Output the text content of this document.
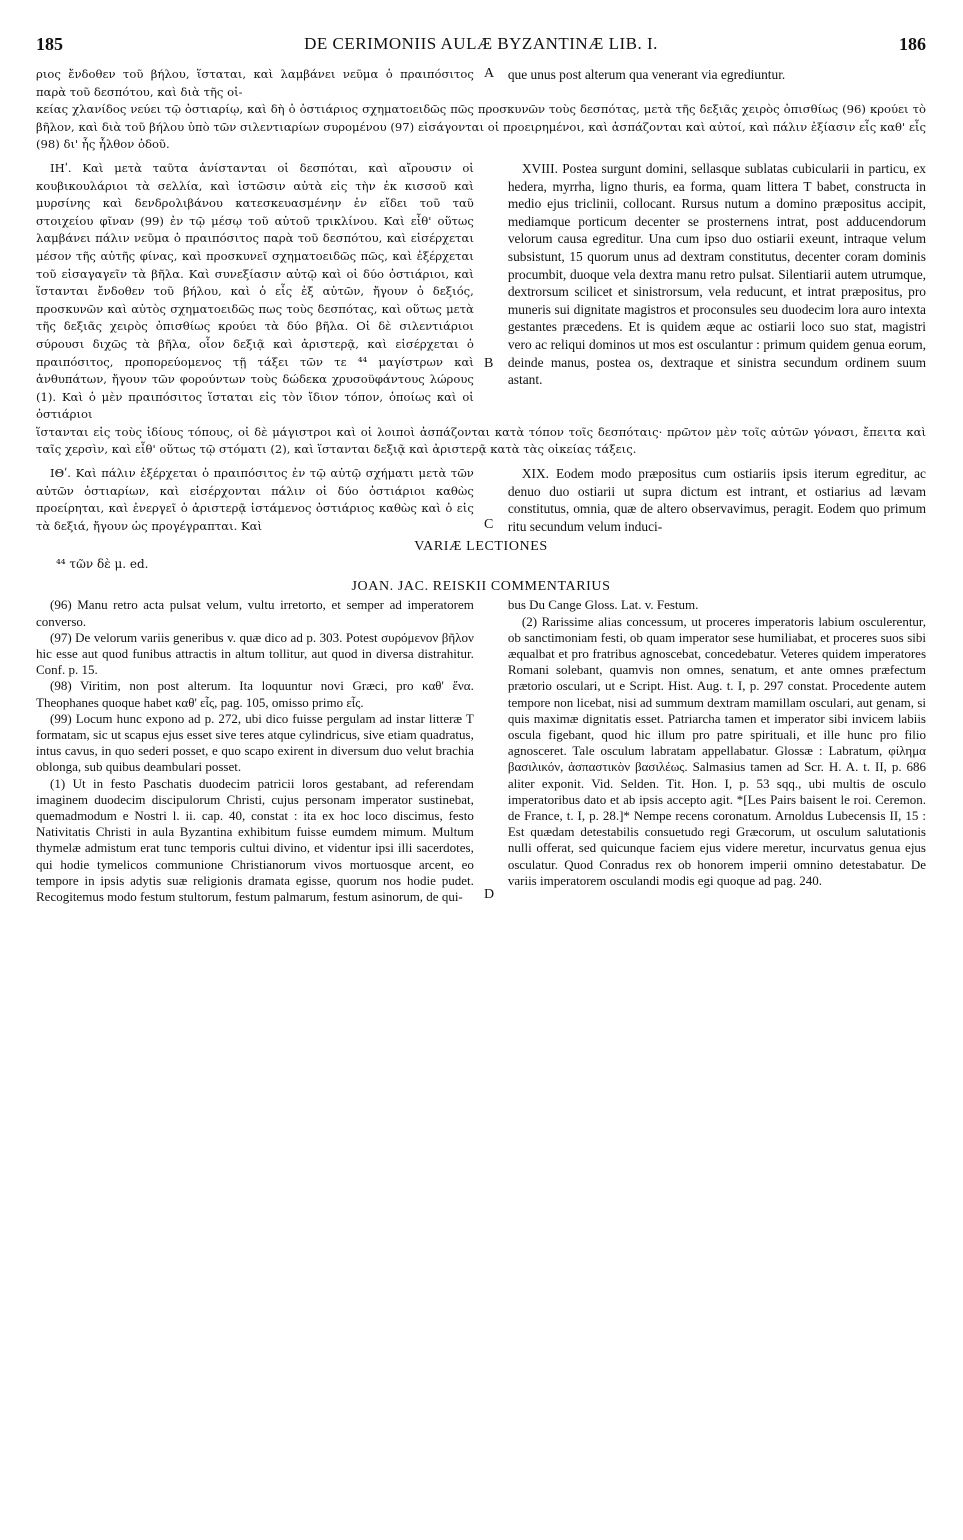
185	DE CERIMONIIS AULÆ BYZANTINÆ LIB. I.	186
ριος ἔνδοθεν τοῦ βήλου, ἵσταται, καὶ λαμβάνει νεῦμα ὁ πραιπόσιτος παρὰ τοῦ δεσπότου, καὶ διὰ τῆς οἰ-
A	que unus post alterum qua venerant via egrediuntur.
κείας χλανίδος νεύει τῷ ὀστιαρίῳ, καὶ δὴ ὁ ὀστιάριος σχηματοειδῶς πῶς προσκυνῶν τοὺς δεσπότας, μετὰ τῆς δεξιᾶς χειρὸς ὀπισθίως (96) κρούει τὸ βῆλον, καὶ διὰ τοῦ βήλου ὑπὸ τῶν σιλεντιαρίων συρομένου (97) εἰσάγονται οἱ προειρημένοι, καὶ ἀσπάζονται καὶ αὐτοί, καὶ πάλιν ἐξίασιν εἷς καθ' εἷς (98) δι' ἧς ἦλθον ὁδοῦ.
ΙΗʹ. Καὶ μετὰ ταῦτα ἀνίστανται οἱ δεσπόται, καὶ αἴρουσιν οἱ κουβικουλάριοι τὰ σελλία, καὶ ἱστῶσιν αὐτὰ εἰς τὴν ἐκ κισσοῦ καὶ μυρσίνης καὶ δενδρολιβάνου κατεσκευασμένην ἐν εἴδει τοῦ ταῦ στοιχείου φῖναν (99) ἐν τῷ μέσῳ τοῦ αὐτοῦ τρικλίνου. Καὶ εἶθ' οὕτως λαμβάνει πάλιν νεῦμα ὁ πραιπόσιτος παρὰ τοῦ δεσπότου, καὶ εἰσέρχεται μέσον τῆς αὐτῆς φίνας, καὶ προσκυνεῖ σχηματοειδῶς πῶς, καὶ ἐξέρχεται τοῦ εἰσαγαγεῖν τὰ βῆλα. Καὶ συνεξίασιν αὐτῷ καὶ οἱ δύο ὀστιάριοι, καὶ ἵστανται ἔνδοθεν τοῦ βήλου, καὶ ὁ εἷς ἐξ αὐτῶν, ἤγουν ὁ δεξιός, προσκυνῶν καὶ αὐτὸς σχηματοειδῶς πως τοὺς δεσπότας, καὶ οὕτως μετὰ τῆς δεξιᾶς χειρὸς ὀπισθίως κρούει τὰ δύο βῆλα. Οἱ δὲ σιλεντιάριοι σύρουσι διχῶς τὰ βῆλα, οἷον δεξιᾷ καὶ ἀριστερᾷ, καὶ εἰσέρχεται ὁ πραιπόσιτος, προπορεύομενος τῇ τάξει τῶν τε ⁴⁴ μαγίστρων καὶ ἀνθυπάτων, ἤγουν τῶν φορούντων τοὺς δώδεκα χρυσοϋφάντους λώρους (1). Καὶ ὁ μὲν πραιπόσιτος ἵσταται εἰς τὸν ἴδιον τόπον, ὁποίως καὶ οἱ ὀστιάριοι
B
XVIII. Postea surgunt domini, sellasque sublatas cubicularii in particu, ex hedera, myrrha, ligno thuris, ea forma, quam littera T babet, constructa in medio ejus triclinii, collocant. Rursus nutum a domino præpositus accipit, mediamque porticum decenter se prosternens intrat, post adducendorum velorum causa egreditur. Una cum ipso duo ostiarii exeunt, intraque velum subsistunt, 15 quorum unus ad dextram constitutus, decenter coram dominis procumbit, duoque vela dextra manu retro pulsat. Silentiarii autem utrumque, dextrorsum scilicet et sinistrorsum, vela reducunt, et intrat præpositus, pro muneris sui dignitate magistros et proconsules seu duodecim lora auro intexta gestantes præcedens. Et is quidem æque ac ostiarii loco suo stat, magistri vero ac reliqui dominos ut mos est osculantur : primum quidem genua eorum, deinde manus, postea os, dextraque et sinistra secundum ordinem suum astant.
ἵστανται εἰς τοὺς ἰδίους τόπους, οἱ δὲ μάγιστροι καὶ οἱ λοιποὶ ἀσπάζονται κατὰ τόπον τοῖς δεσπόταις· πρῶτον μὲν τοῖς αὐτῶν γόνασι, ἔπειτα καὶ ταῖς χερσὶν, καὶ εἶθ' οὕτως τῷ στόματι (2), καὶ ἵστανται δεξιᾷ καὶ ἀριστερᾷ κατὰ τὰς οἰκείας τάξεις.
ΙΘʹ. Καὶ πάλιν ἐξέρχεται ὁ πραιπόσιτος ἐν τῷ αὐτῷ σχήματι μετὰ τῶν αὐτῶν ὀστιαρίων, καὶ εἰσέρχονται πάλιν οἱ δύο ὀστιάριοι καθὼς προείρηται, καὶ ἐνεργεῖ ὁ ἀριστερᾷ ἱστάμενος ὀστιάριος καθὼς καὶ ὁ εἰς τὰ δεξιά, ἤγουν ὡς προγέγραπται. Καὶ	C
XIX. Eodem modo præpositus cum ostiariis ipsis iterum egreditur, ac denuo duo ostiarii ut supra dictum est intrant, et ostiarius ad lævam constitutus, omnia, quæ de altero observavimus, peragit. Eodem quo primum ritu secundum velum induci-
VARIÆ LECTIONES
⁴⁴ τῶν δὲ μ. ed.
JOAN. JAC. REISKII COMMENTARIUS

(96) Manu retro acta pulsat velum, vultu irretorto, et semper ad imperatorem converso.

(97) De velorum variis generibus v. quæ dico ad p. 303. Potest συρόμενον βῆλον hic esse aut quod funibus attractis in altum tollitur, aut quod in diversa distrahitur. Conf. p. 15.

(98) Viritim, non post alterum. Ita loquuntur novi Græci, pro καθ' ἕνα. Theophanes quoque habet καθ' εἷς, pag. 105, omisso primo εἷς.

(99) Locum hunc expono ad p. 272, ubi dico fuisse pergulam ad instar litteræ T formatam, sic ut scapus ejus esset sive teres atque cylindricus, sive etiam quadratus, intus cavus, in quo sederi posset, e quo scapo exirent in diversum duo velut brachia oblonga, sub quibus deambulari posset.

(1) Ut in festo Paschatis duodecim patricii loros gestabant, ad referendam imaginem duodecim discipulorum Christi, cujus personam imperator sustinebat, quemadmodum e Nostri l. ii. cap. 40, constat : ita ex hoc loco discimus, festo Nativitatis Christi in aula Byzantina exhibitum fuisse eumdem mimum. Multum thymelæ admistum erat tunc temporis cultui divino, et videntur ipsi illi sacerdotes, qui hodie tymelicos communione Christianorum vivos mortuosque arcent, eo tempore in ipsis adytis suæ religionis dramata egisse, quorum nos hodie pudet. Recogitemus modo festum stultorum, festum palmarum, festum asinorum, de qui-	D

bus Du Cange Gloss. Lat. v. Festum.

(2) Rarissime alias concessum, ut proceres imperatoris labium osculerentur, ob sanctimoniam festi, ob quam imperator sese humiliabat, et proceres suos sibi æqualbat et pro fratribus agnoscebat, concedebatur. Veteres quidem imperatores Romani solebant, quamvis non omnes, senatum, et ante omnes præfectum prætorio osculari, ut e Script. Hist. Aug. t. I, p. 297 constat. Procedente autem tempore non licebat, nisi ad summum dextram mamillam osculari, aut genam, si quis maximæ dignitatis esset. Patriarcha tamen et imperator sibi invicem labiis oscula figebant, quod hic illum pro patre spirituali, et ille hunc pro filio agnosceret. Tale osculum labratam appellabatur. Glossæ : Labratum, φίλημα βασιλικόν, ἀσπαστικὸν βασιλέως. Salmasius tamen ad Scr. H. A. t. II, p. 686 aliter exponit. Vid. Selden. Tit. Hon. I, p. 53 sqq., ubi multis de osculo imperatoribus dato et ab ipsis accepto agit. *[Les Pairs baisent le roi. Ceremon. de France, t. I, p. 28.]* Nempe recens coronatum. Arnoldus Lubecensis II, 15 : Est quædam detestabilis consuetudo regi Græcorum, ut osculum salutationis nulli offerat, sed quicunque faciem ejus videre meretur, incurvatus genua ejus osculatur. Quod Conradus rex ob honorem imperii omnino detestabatur. De variis imperatorem osculandi modis egi quoque ad pag. 240.
